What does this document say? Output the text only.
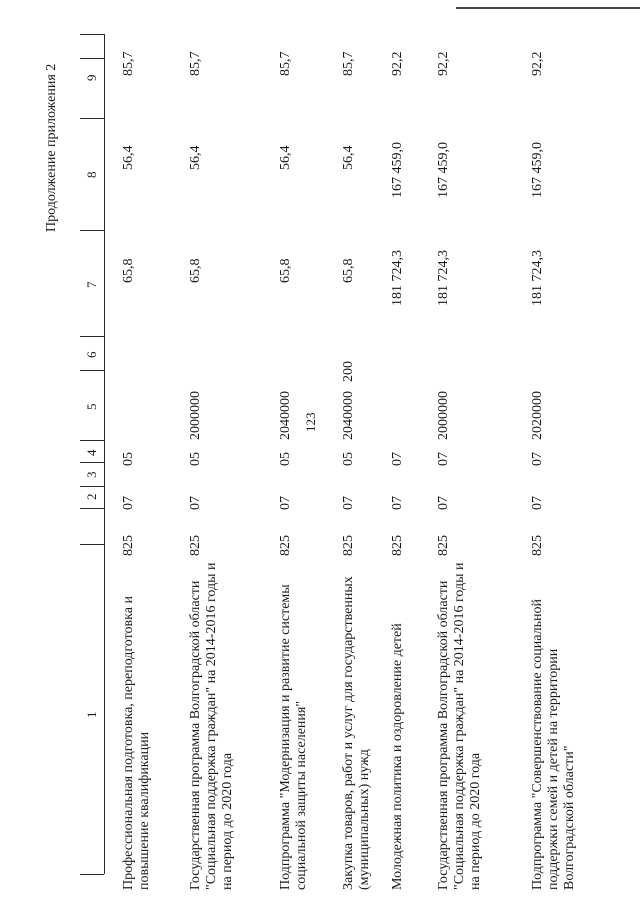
123
Продолжение приложения 2 9
8
7
6
5
4
3
2
1 Профессиональная подготовка, переподготовка и повышение квалификации
825
07
05
65,8
56,4
85,7
Государственная программа Волгоградской области "Социальная поддержка граждан" на 2014-2016 годы и на период до 2020 года
825
07
05
2000000
65,8
56,4
85,7
Подпрограмма "Модернизация и развитие системы социальной защиты населения"
825
07
05
2040000
65,8
56,4
85,7
Закупка товаров, работ и услуг для государственных (муниципальных) нужд
825
07
05
2040000
200
65,8
56,4
85,7
Молодежная политика и оздоровление детей
825
07
07
181 724,3
167 459,0
92,2
Государственная программа Волгоградской области "Социальная поддержка граждан" на 2014-2016 годы и на период до 2020 года
825
07
07
2000000
181 724,3
167 459,0
92,2
Подпрограмма "Совершенствование социальной поддержки семей и детей на территории Волгоградской области"
825
07
07
2020000
181 724,3
167 459,0
92,2
